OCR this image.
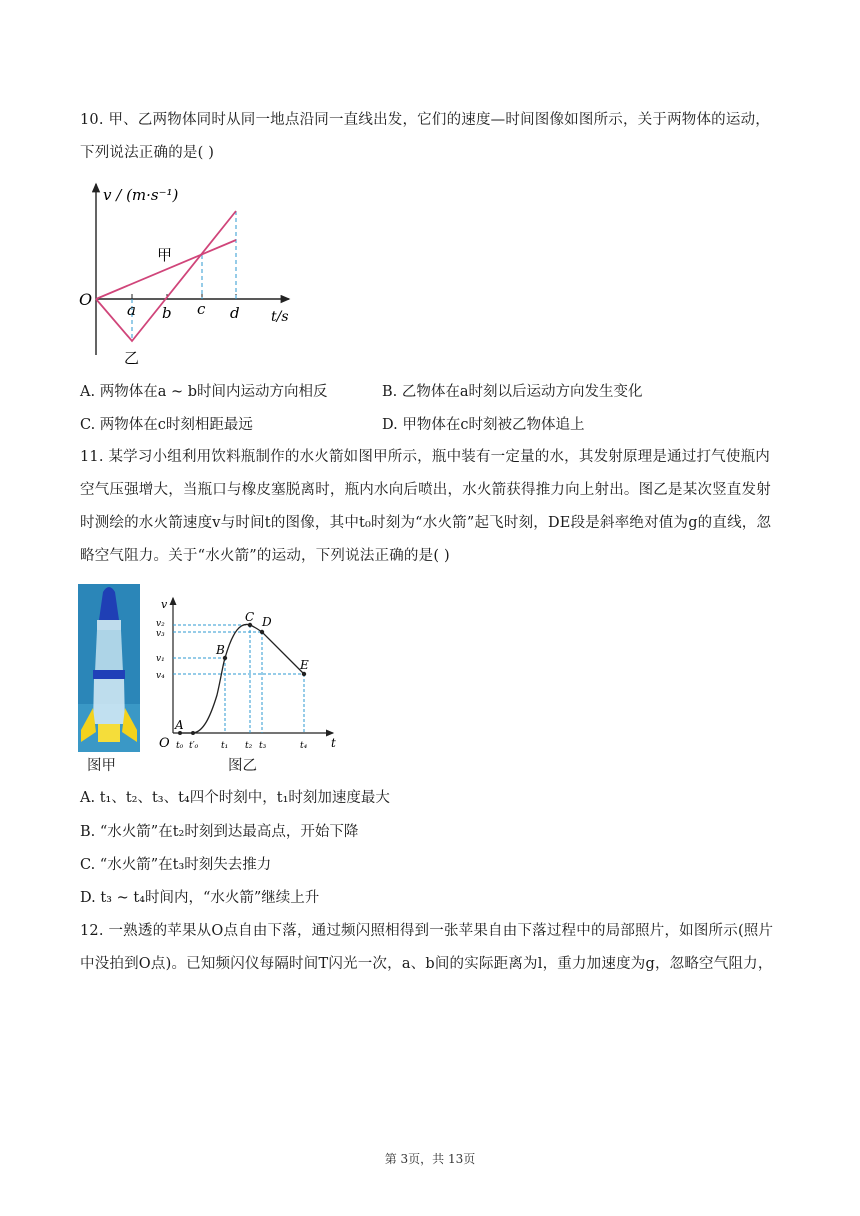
10. 甲、乙两物体同时从同一地点沿同一直线出发，它们的速度—时间图像如图所示，关于两物体的运动，下列说法正确的是( )
v / (m·s⁻¹)
O
t/s
a b c d
甲
乙
A. 两物体在a ~ b时间内运动方向相反	B. 乙物体在a时刻以后运动方向发生变化
C. 两物体在c时刻相距最远	D. 甲物体在c时刻被乙物体追上
11. 某学习小组利用饮料瓶制作的水火箭如图甲所示，瓶中装有一定量的水，其发射原理是通过打气使瓶内空气压强增大，当瓶口与橡皮塞脱离时，瓶内水向后喷出，水火箭获得推力向上射出。图乙是某次竖直发射时测绘的水火箭速度v与时间t的图像，其中t₀时刻为“水火箭”起飞时刻，DE段是斜率绝对值为g的直线，忽略空气阻力。关于“水火箭”的运动，下列说法正确的是( )
图甲
v
O	t
v₂
v₃
v₁
v₄
t₀ t′₀	t₁ t₂ t₃	t₄
A
B
C D
E
图乙
A. t₁、t₂、t₃、t₄四个时刻中，t₁时刻加速度最大
B. “水火箭”在t₂时刻到达最高点，开始下降
C. “水火箭”在t₃时刻失去推力
D. t₃ ~ t₄时间内，“水火箭”继续上升
12. 一熟透的苹果从O点自由下落，通过频闪照相得到一张苹果自由下落过程中的局部照片，如图所示(照片中没拍到O点)。已知频闪仪每隔时间T闪光一次，a、b间的实际距离为l，重力加速度为g，忽略空气阻力，
第 3页，共 13页
